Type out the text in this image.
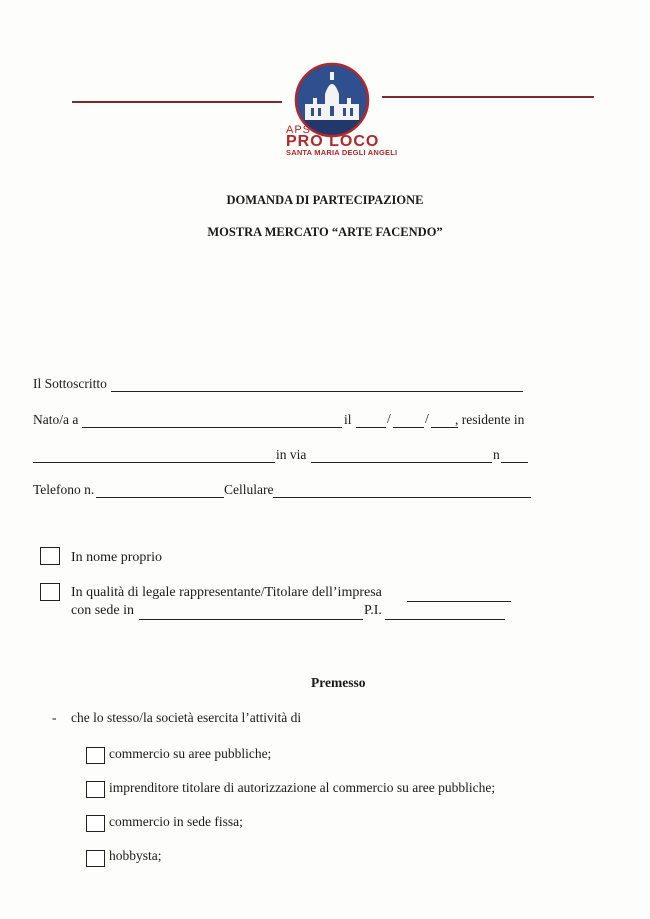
APS
PRO LOCO
SANTA MARIA DEGLI ANGELI
DOMANDA DI PARTECIPAZIONE
MOSTRA MERCATO “ARTE FACENDO”
Il Sottoscritto
Nato/a a	il	/	/ , residente in
in via	n
Telefono n.	Cellulare
In nome proprio
In qualità di legale rappresentante/Titolare dell’impresa
con sede in	P.I.
Premesso
- che lo stesso/la società esercita l’attività di
commercio su aree pubbliche;
imprenditore titolare di autorizzazione al commercio su aree pubbliche;
commercio in sede fissa;
hobbysta;
